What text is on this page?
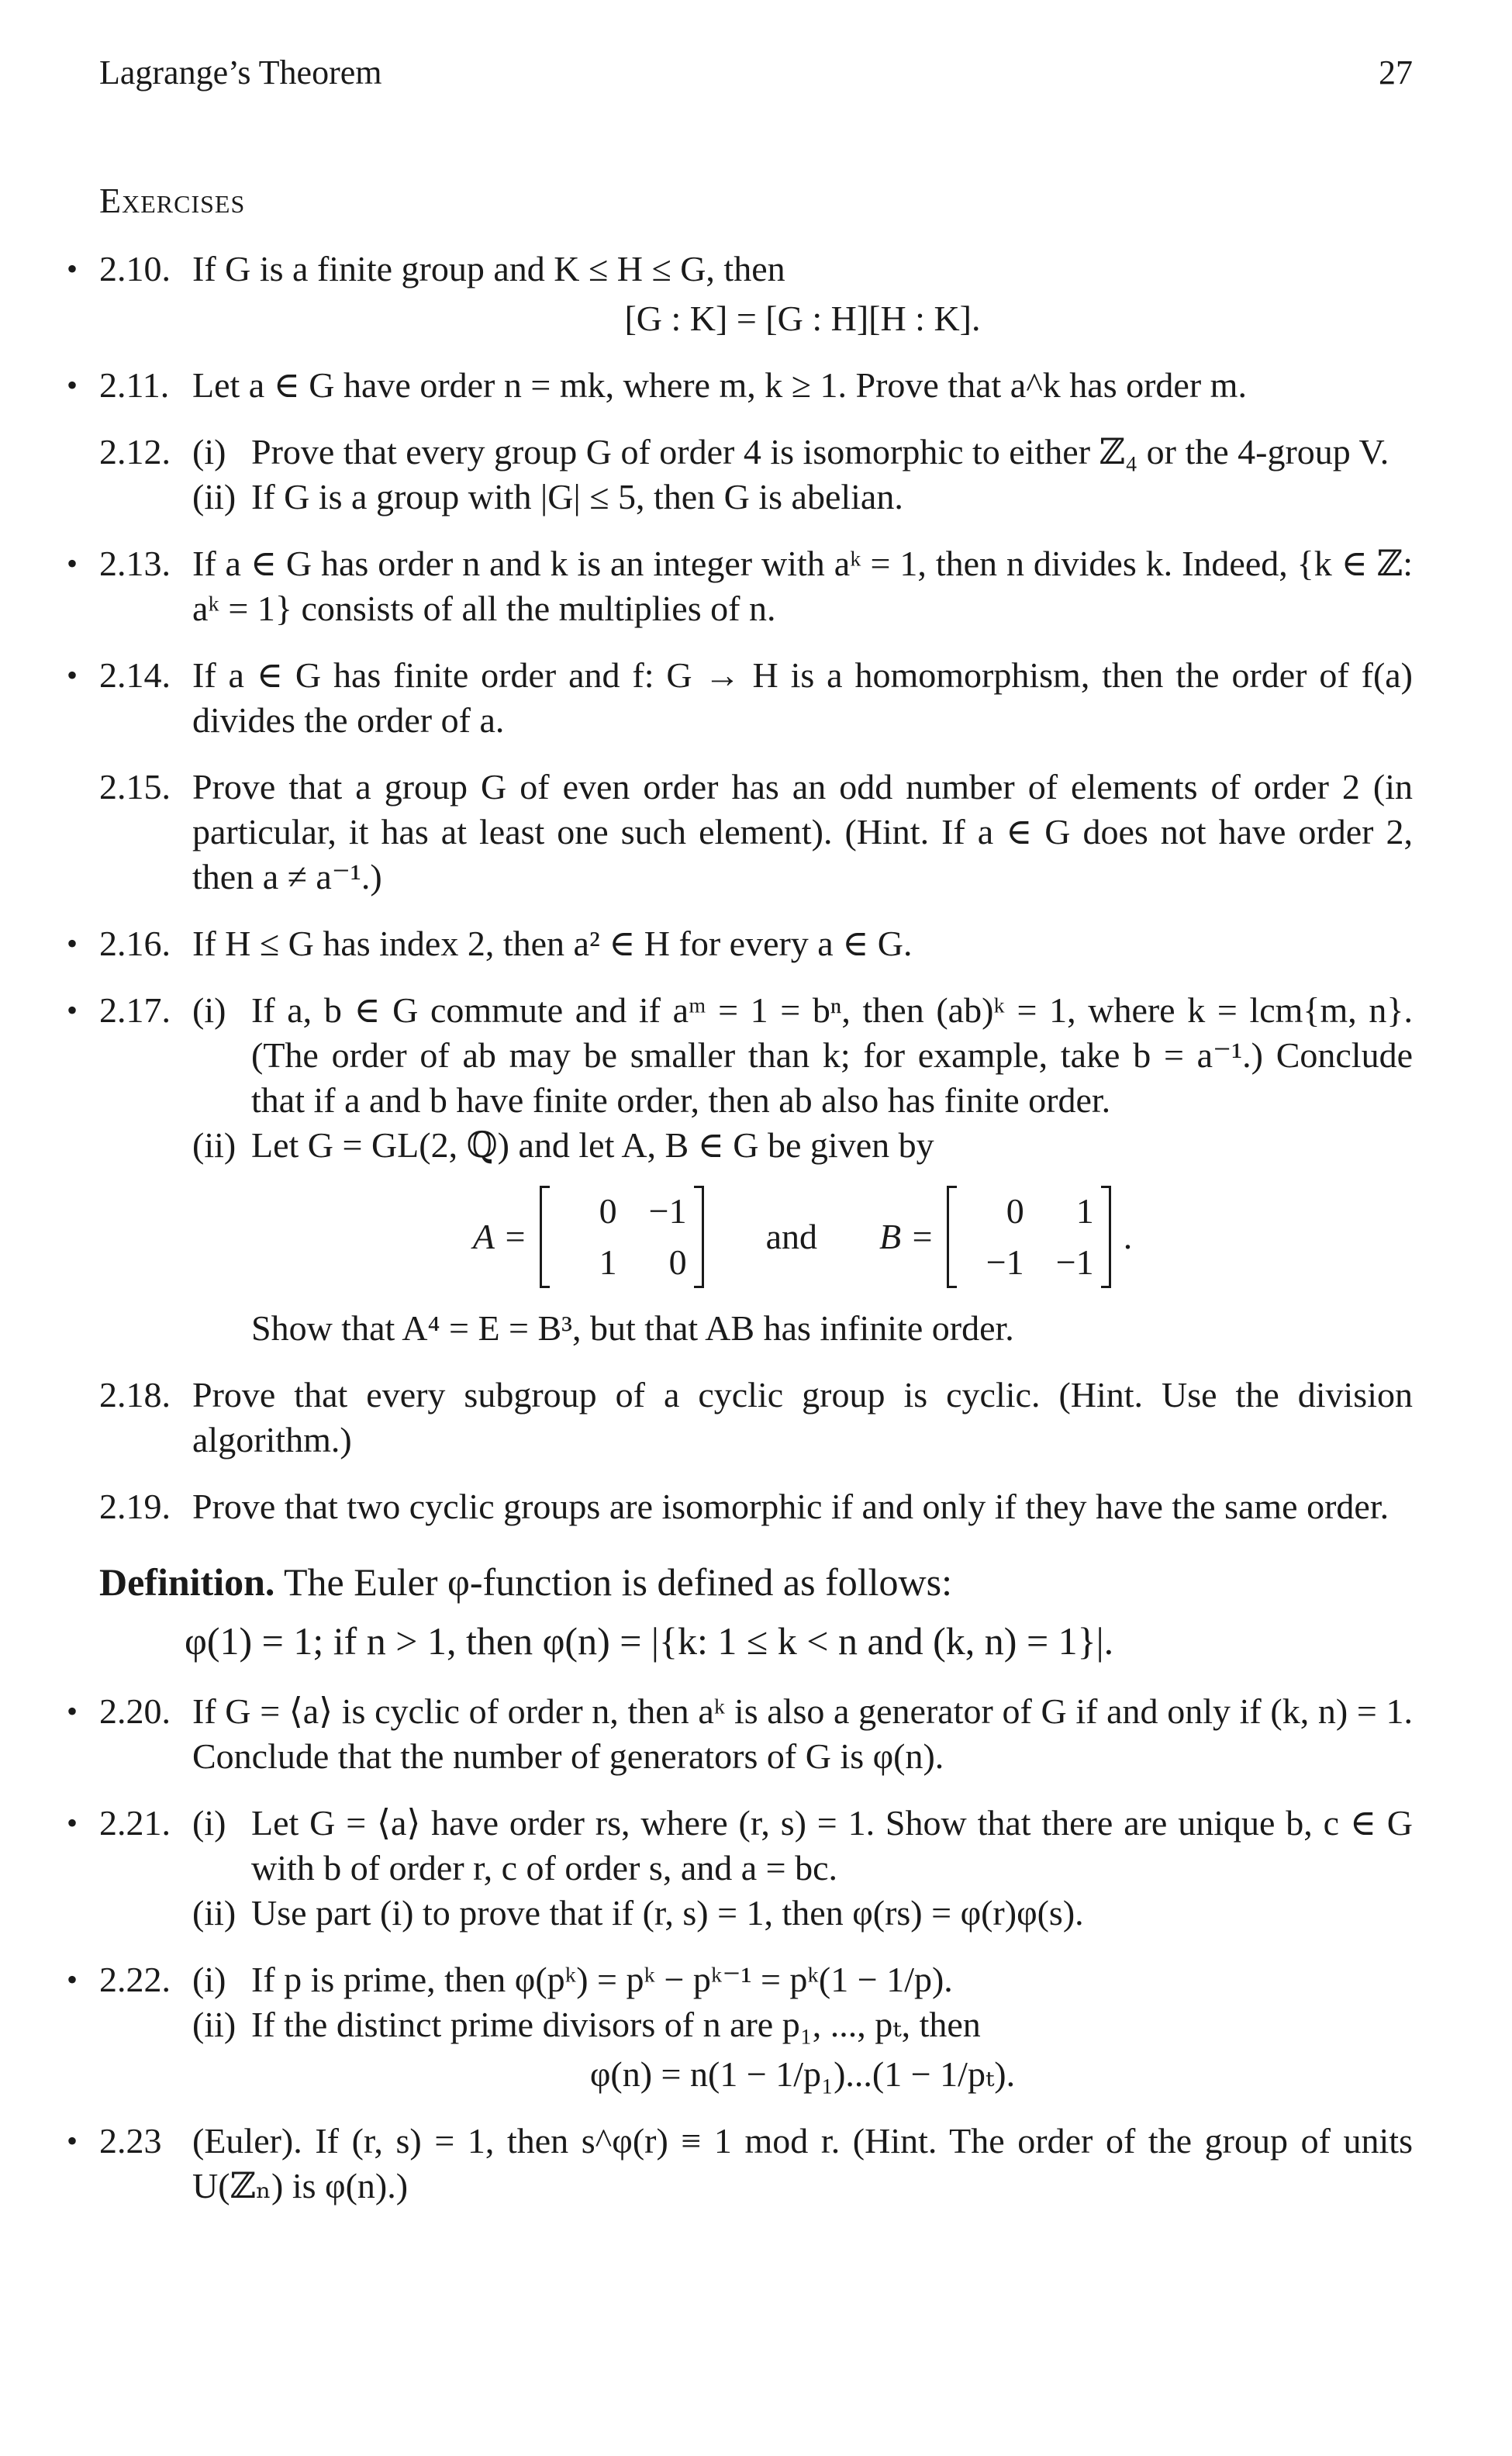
Lagrange’s Theorem	27
Exercises
• 2.10. If G is a finite group and K ≤ H ≤ G, then
[G : K] = [G : H][H : K].
• 2.11. Let a ∈ G have order n = mk, where m, k ≥ 1. Prove that a^k has order m.
2.12. (i) Prove that every group G of order 4 is isomorphic to either ℤ₄ or the 4-group V.
(ii) If G is a group with |G| ≤ 5, then G is abelian.
• 2.13. If a ∈ G has order n and k is an integer with aᵏ = 1, then n divides k. Indeed, {k ∈ ℤ: aᵏ = 1} consists of all the multiplies of n.
• 2.14. If a ∈ G has finite order and f: G → H is a homomorphism, then the order of f(a) divides the order of a.
2.15. Prove that a group G of even order has an odd number of elements of order 2 (in particular, it has at least one such element). (Hint. If a ∈ G does not have order 2, then a ≠ a⁻¹.)
• 2.16. If H ≤ G has index 2, then a² ∈ H for every a ∈ G.
• 2.17. (i) If a, b ∈ G commute and if aᵐ = 1 = bⁿ, then (ab)ᵏ = 1, where k = lcm{m, n}. (The order of ab may be smaller than k; for example, take b = a⁻¹.) Conclude that if a and b have finite order, then ab also has finite order.
(ii) Let G = GL(2, ℚ) and let A, B ∈ G be given by
A =
0 −1
1	0
and B =
0	1
−1 −1
.
Show that A⁴ = E = B³, but that AB has infinite order.
2.18. Prove that every subgroup of a cyclic group is cyclic. (Hint. Use the division algorithm.)
2.19. Prove that two cyclic groups are isomorphic if and only if they have the same order.
Definition. The Euler φ-function is defined as follows:
φ(1) = 1; if n > 1, then φ(n) = |{k: 1 ≤ k < n and (k, n) = 1}|.
• 2.20. If G = ⟨a⟩ is cyclic of order n, then aᵏ is also a generator of G if and only if (k, n) = 1. Conclude that the number of generators of G is φ(n).
• 2.21. (i) Let G = ⟨a⟩ have order rs, where (r, s) = 1. Show that there are unique b, c ∈ G with b of order r, c of order s, and a = bc.
(ii) Use part (i) to prove that if (r, s) = 1, then φ(rs) = φ(r)φ(s).
• 2.22. (i) If p is prime, then φ(pᵏ) = pᵏ − pᵏ⁻¹ = pᵏ(1 − 1/p).
(ii) If the distinct prime divisors of n are p₁, ..., pₜ, then
φ(n) = n(1 − 1/p₁)...(1 − 1/pₜ).
• 2.23 (Euler). If (r, s) = 1, then s^φ(r) ≡ 1 mod r. (Hint. The order of the group of units U(ℤₙ) is φ(n).)
